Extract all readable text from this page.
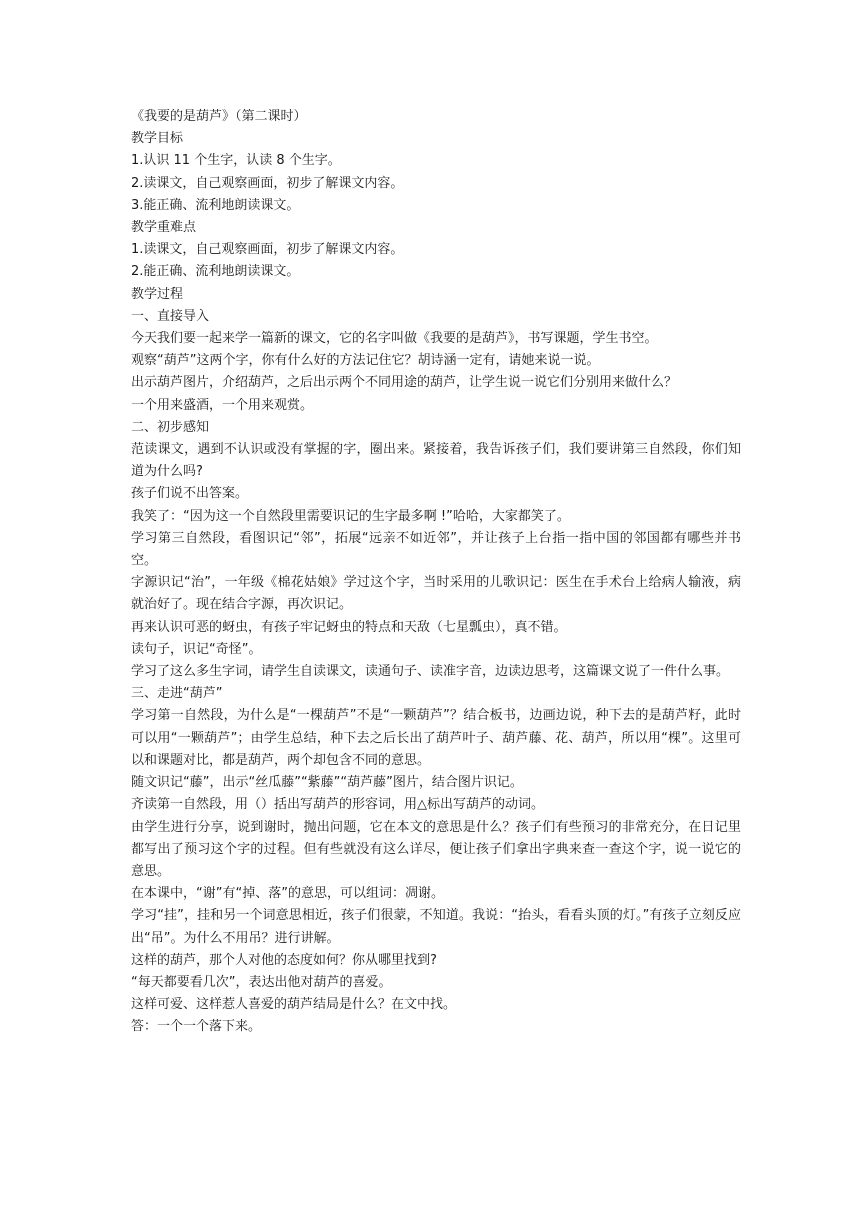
《我要的是葫芦》（第二课时）
教学目标
1.认识 11 个生字，认读 8 个生字。
2.读课文，自己观察画面，初步了解课文内容。
3.能正确、流利地朗读课文。
教学重难点
1.读课文，自己观察画面，初步了解课文内容。
2.能正确、流利地朗读课文。
教学过程
一、直接导入
今天我们要一起来学一篇新的课文，它的名字叫做《我要的是葫芦》，书写课题，学生书空。
观察“葫芦”这两个字，你有什么好的方法记住它？胡诗涵一定有，请她来说一说。
出示葫芦图片，介绍葫芦，之后出示两个不同用途的葫芦，让学生说一说它们分别用来做什么？
一个用来盛酒，一个用来观赏。
二、初步感知
范读课文，遇到不认识或没有掌握的字，圈出来。紧接着，我告诉孩子们，我们要讲第三自然段，你们知道为什么吗?
孩子们说不出答案。
我笑了：“因为这一个自然段里需要识记的生字最多啊 !”哈哈，大家都笑了。
学习第三自然段，看图识记“邻”，拓展“远亲不如近邻”，并让孩子上台指一指中国的邻国都有哪些并书空。
字源识记“治”，一年级《棉花姑娘》学过这个字，当时采用的儿歌识记：医生在手术台上给病人输液，病就治好了。现在结合字源，再次识记。
再来认识可恶的蚜虫，有孩子牢记蚜虫的特点和天敌（七星瓢虫），真不错。
读句子，识记“奇怪”。
学习了这么多生字词，请学生自读课文，读通句子、读准字音，边读边思考，这篇课文说了一件什么事。
三、走进“葫芦”
学习第一自然段，为什么是“一棵葫芦”不是“一颗葫芦”？结合板书，边画边说，种下去的是葫芦籽，此时可以用“一颗葫芦”；由学生总结，种下去之后长出了葫芦叶子、葫芦藤、花、葫芦，所以用“棵”。这里可以和课题对比，都是葫芦，两个却包含不同的意思。
随文识记“藤”，出示“丝瓜藤”“紫藤”“葫芦藤”图片，结合图片识记。
齐读第一自然段，用（）括出写葫芦的形容词，用△标出写葫芦的动词。
由学生进行分享，说到谢时，抛出问题，它在本文的意思是什么？孩子们有些预习的非常充分，在日记里都写出了预习这个字的过程。但有些就没有这么详尽，便让孩子们拿出字典来查一查这个字，说一说它的意思。
在本课中，“谢”有“掉、落”的意思，可以组词：凋谢。
学习“挂”，挂和另一个词意思相近，孩子们很蒙，不知道。我说：“抬头，看看头顶的灯。”有孩子立刻反应出“吊”。为什么不用吊？进行讲解。
这样的葫芦，那个人对他的态度如何？你从哪里找到?
“每天都要看几次”，表达出他对葫芦的喜爱。
这样可爱、这样惹人喜爱的葫芦结局是什么？在文中找。
答：一个一个落下来。
